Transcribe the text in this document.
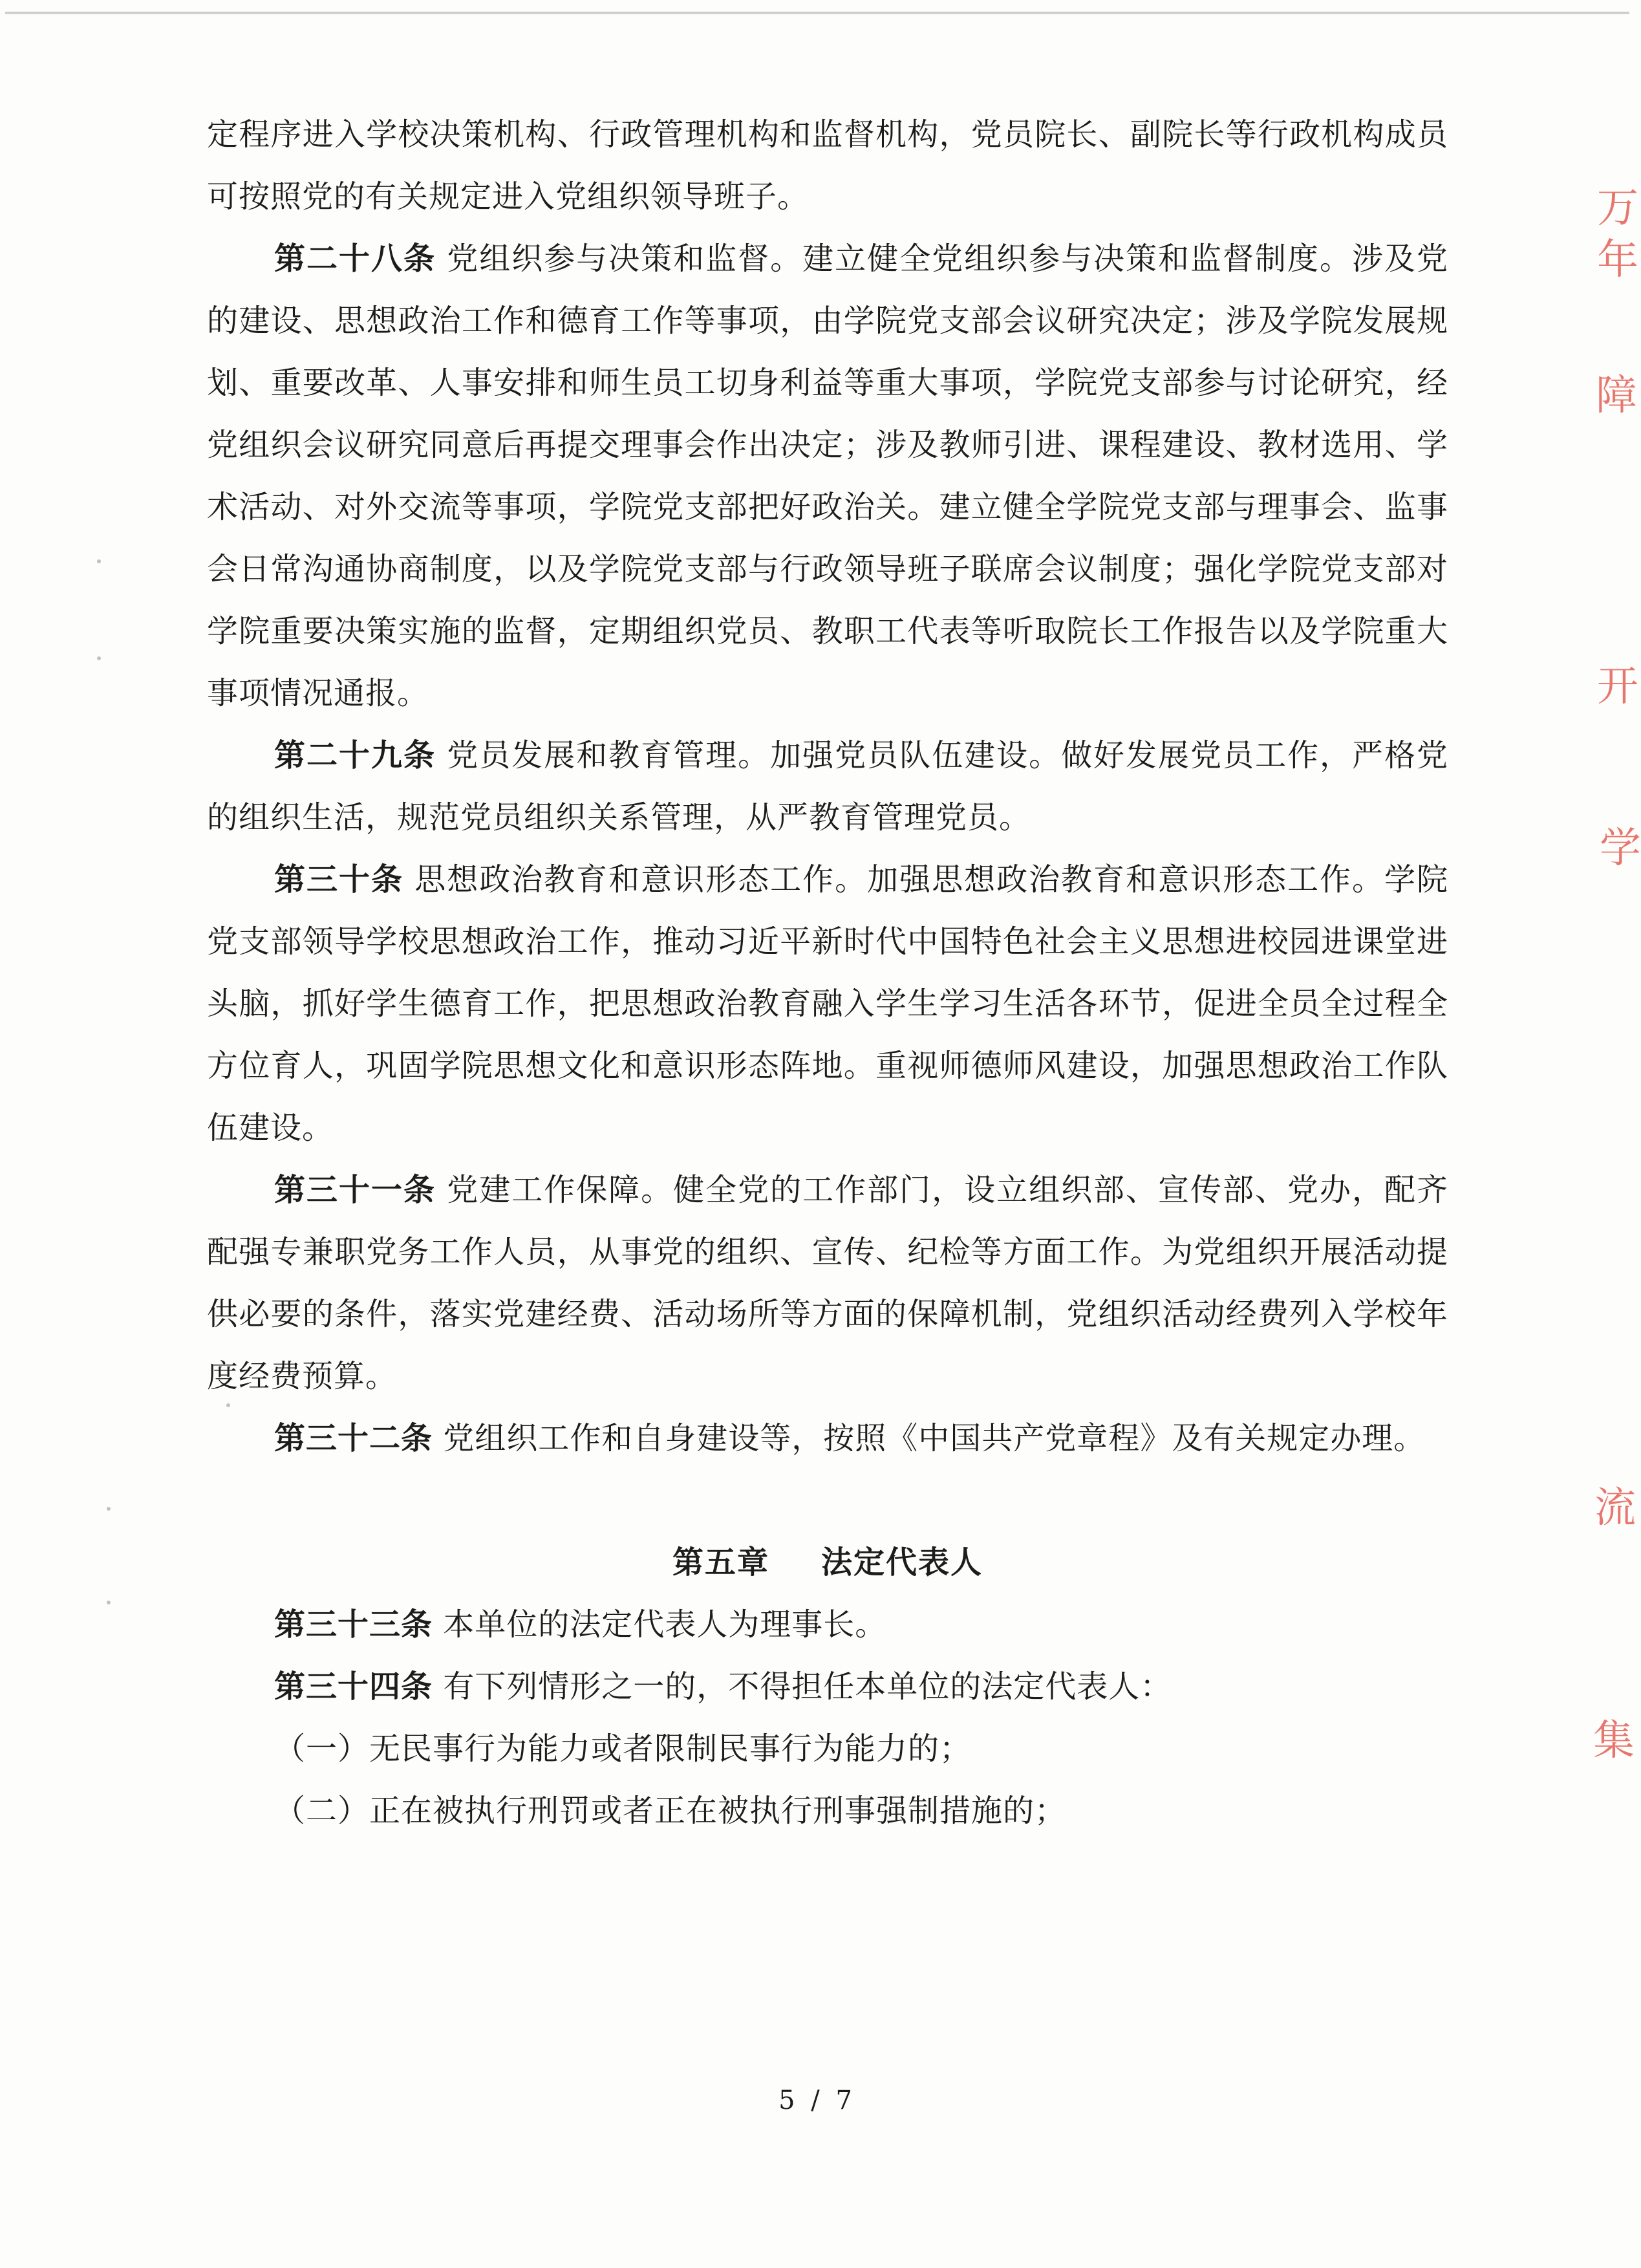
定程序进入学校决策机构、行政管理机构和监督机构，党员院长、副院长等行政机构成员可按照党的有关规定进入党组织领导班子。

第二十八条 党组织参与决策和监督。建立健全党组织参与决策和监督制度。涉及党的建设、思想政治工作和德育工作等事项，由学院党支部会议研究决定；涉及学院发展规划、重要改革、人事安排和师生员工切身利益等重大事项，学院党支部参与讨论研究，经党组织会议研究同意后再提交理事会作出决定；涉及教师引进、课程建设、教材选用、学术活动、对外交流等事项，学院党支部把好政治关。建立健全学院党支部与理事会、监事会日常沟通协商制度，以及学院党支部与行政领导班子联席会议制度；强化学院党支部对学院重要决策实施的监督，定期组织党员、教职工代表等听取院长工作报告以及学院重大事项情况通报。

第二十九条 党员发展和教育管理。加强党员队伍建设。做好发展党员工作，严格党的组织生活，规范党员组织关系管理，从严教育管理党员。

第三十条 思想政治教育和意识形态工作。加强思想政治教育和意识形态工作。学院党支部领导学校思想政治工作，推动习近平新时代中国特色社会主义思想进校园进课堂进头脑，抓好学生德育工作，把思想政治教育融入学生学习生活各环节，促进全员全过程全方位育人，巩固学院思想文化和意识形态阵地。重视师德师风建设，加强思想政治工作队伍建设。

第三十一条 党建工作保障。健全党的工作部门，设立组织部、宣传部、党办，配齐配强专兼职党务工作人员，从事党的组织、宣传、纪检等方面工作。为党组织开展活动提供必要的条件，落实党建经费、活动场所等方面的保障机制，党组织活动经费列入学校年度经费预算。

第三十二条 党组织工作和自身建设等，按照《中国共产党章程》及有关规定办理。

第五章 法定代表人

第三十三条 本单位的法定代表人为理事长。

第三十四条 有下列情形之一的，不得担任本单位的法定代表人：

（一）无民事行为能力或者限制民事行为能力的；

（二）正在被执行刑罚或者正在被执行刑事强制措施的；

5 / 7
万
年
障
开
学
流
集
